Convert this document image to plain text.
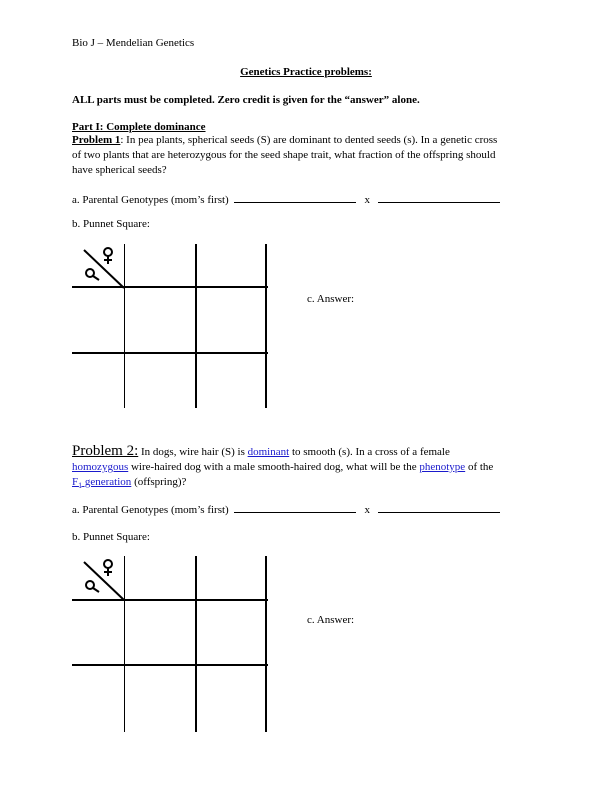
Bio J – Mendelian Genetics
Genetics Practice problems:
ALL parts must be completed. Zero credit is given for the “answer” alone.
Part I: Complete dominance
Problem 1: In pea plants, spherical seeds (S) are dominant to dented seeds (s). In a genetic cross
of two plants that are heterozygous for the seed shape trait, what fraction of the offspring should
have spherical seeds?
a. Parental Genotypes (mom’s first)	x
b. Punnet Square:
c. Answer:
Problem 2: In dogs, wire hair (S) is dominant to smooth (s). In a cross of a female
homozygous wire-haired dog with a male smooth-haired dog, what will be the phenotype of the
$F_1$ generation (offspring)?
a. Parental Genotypes (mom’s first)	x
b. Punnet Square:
c. Answer:
